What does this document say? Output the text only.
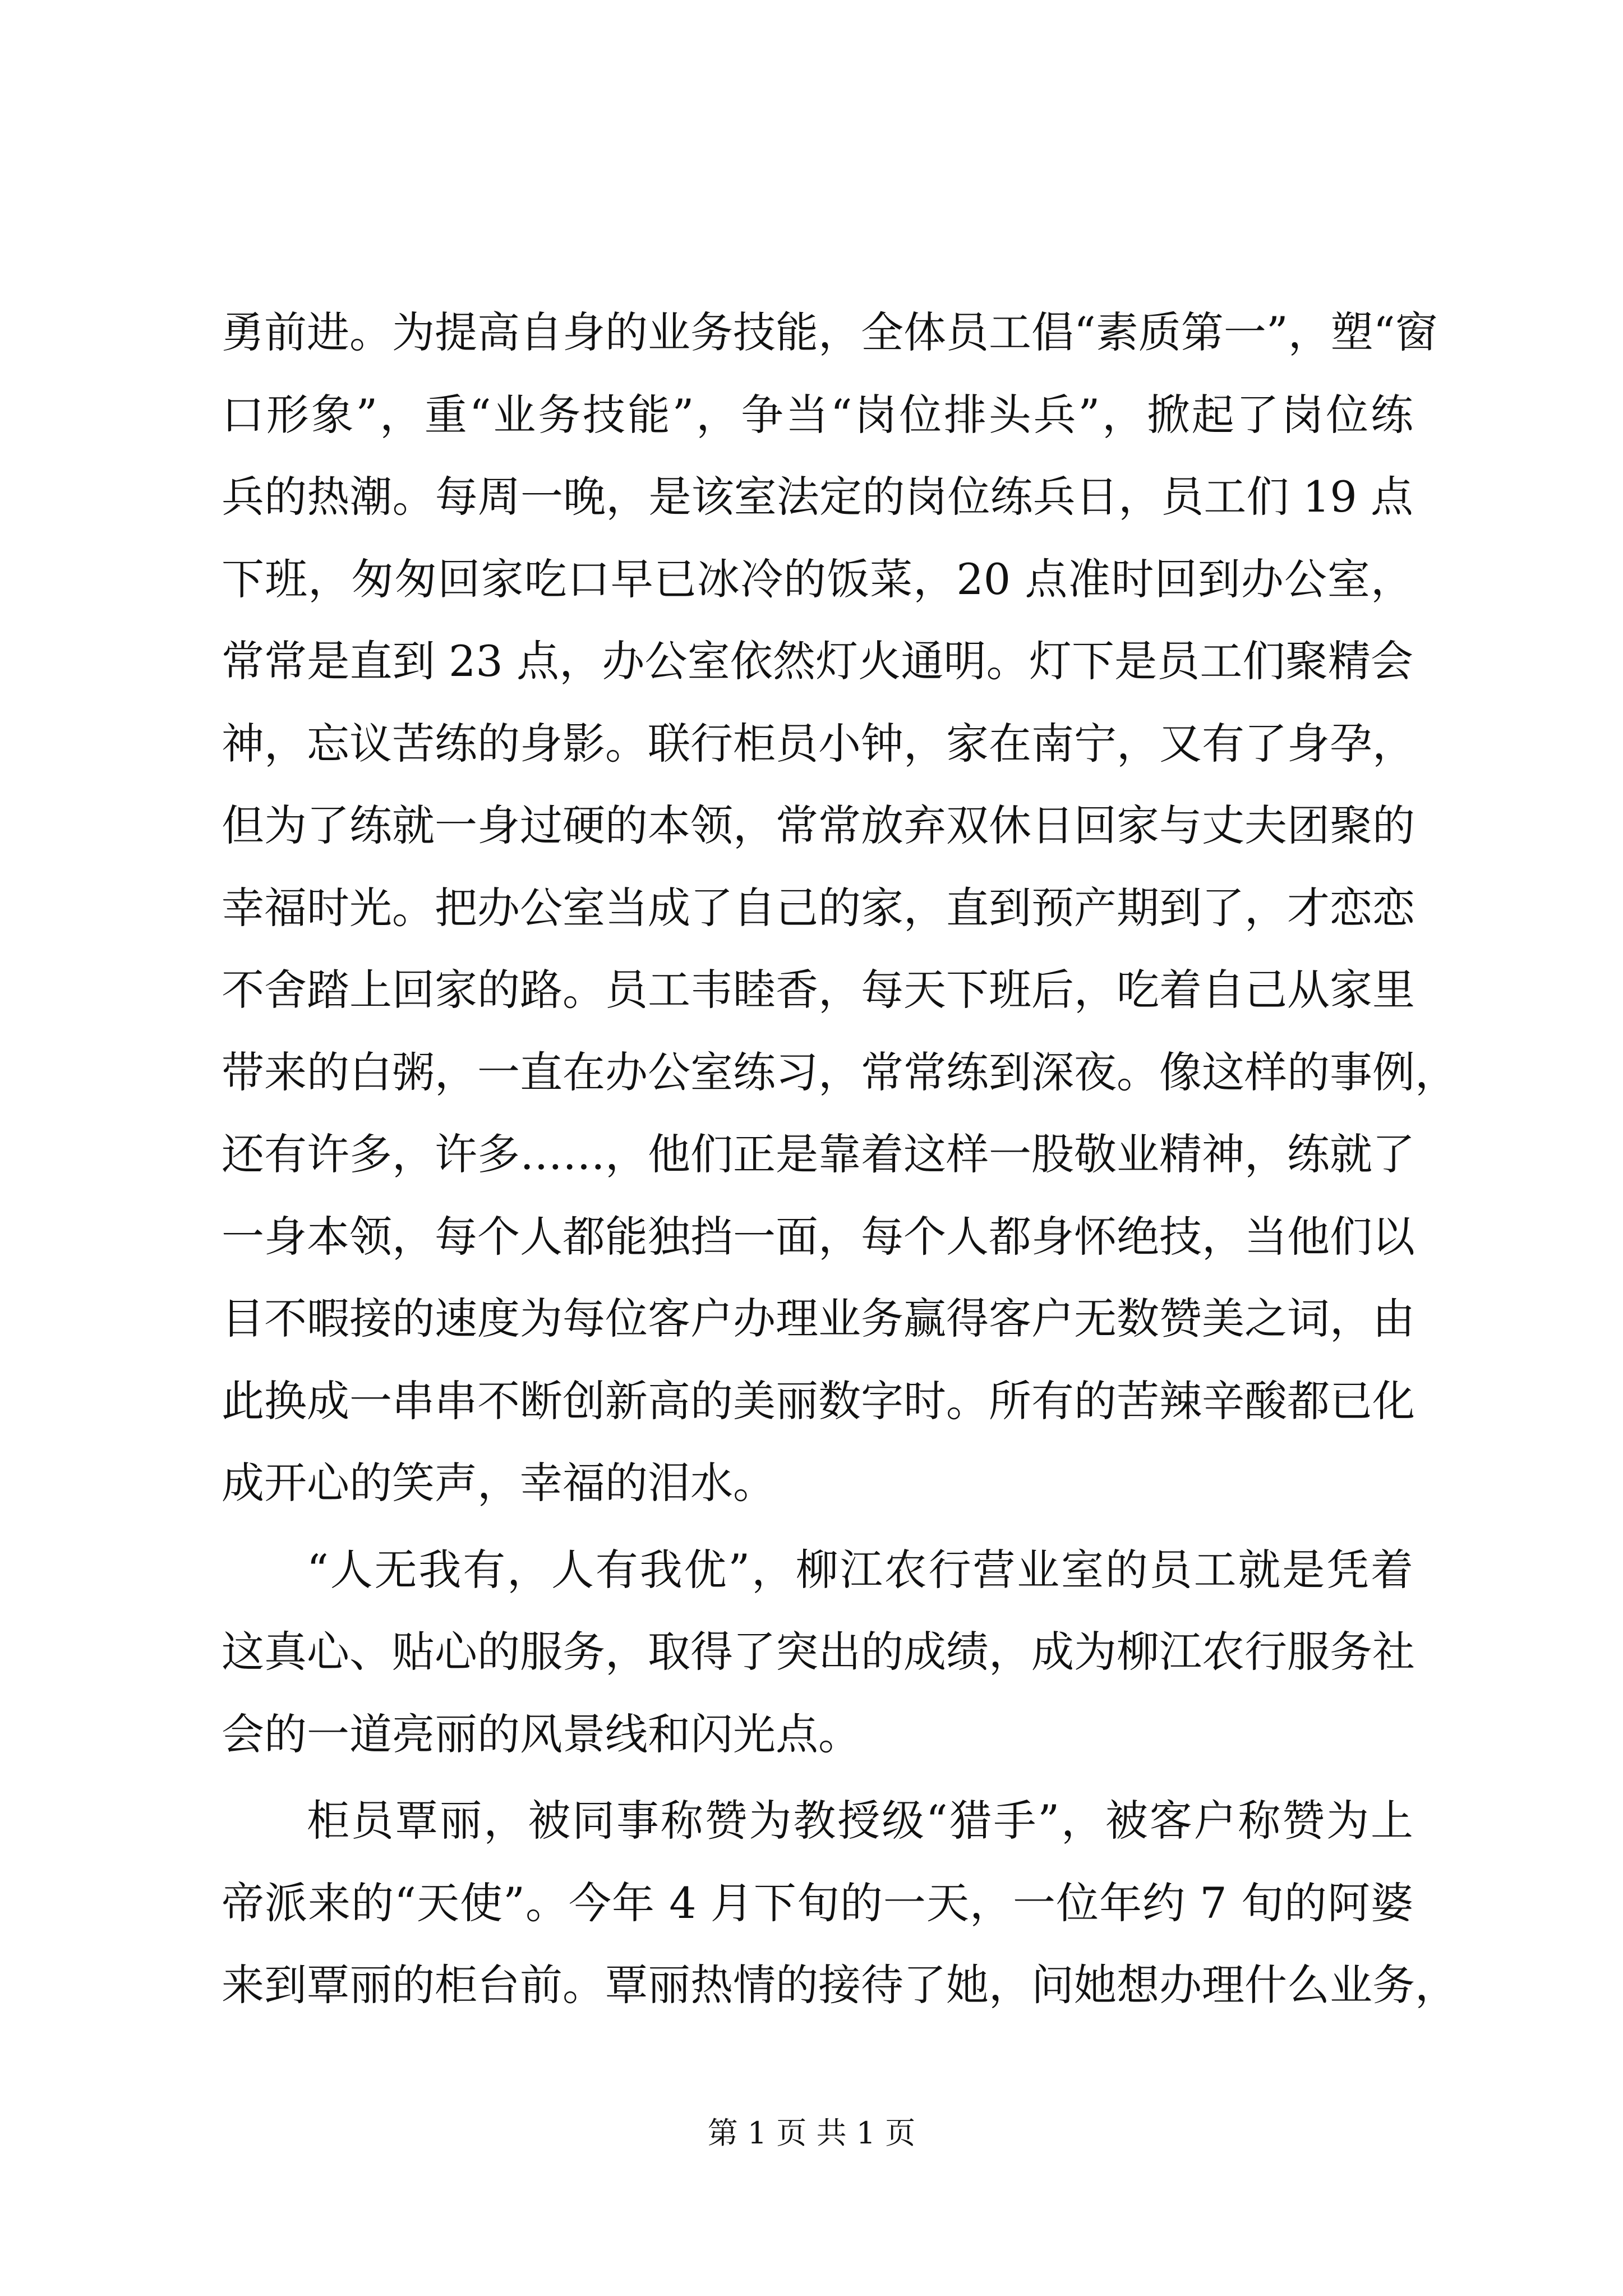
勇前进。为提高自身的业务技能，全体员工倡“素质第一”，塑“窗
口形象”，重“业务技能”，争当“岗位排头兵”，掀起了岗位练
兵的热潮。每周一晚，是该室法定的岗位练兵日，员工们 19 点
下班，匆匆回家吃口早已冰冷的饭菜，20 点准时回到办公室，
常常是直到 23 点，办公室依然灯火通明。灯下是员工们聚精会
神，忘议苦练的身影。联行柜员小钟，家在南宁，又有了身孕，
但为了练就一身过硬的本领，常常放弃双休日回家与丈夫团聚的
幸福时光。把办公室当成了自己的家，直到预产期到了，才恋恋
不舍踏上回家的路。员工韦睦香，每天下班后，吃着自己从家里
带来的白粥，一直在办公室练习，常常练到深夜。像这样的事例，
还有许多，许多……，他们正是靠着这样一股敬业精神，练就了
一身本领，每个人都能独挡一面，每个人都身怀绝技，当他们以
目不暇接的速度为每位客户办理业务赢得客户无数赞美之词，由
此换成一串串不断创新高的美丽数字时。所有的苦辣辛酸都已化
成开心的笑声，幸福的泪水。
“人无我有，人有我优”，柳江农行营业室的员工就是凭着
这真心、贴心的服务，取得了突出的成绩，成为柳江农行服务社
会的一道亮丽的风景线和闪光点。
柜员覃丽，被同事称赞为教授级“猎手”，被客户称赞为上
帝派来的“天使”。今年 4 月下旬的一天，一位年约 7 旬的阿婆
来到覃丽的柜台前。覃丽热情的接待了她，问她想办理什么业务，
第 1 页 共 1 页
